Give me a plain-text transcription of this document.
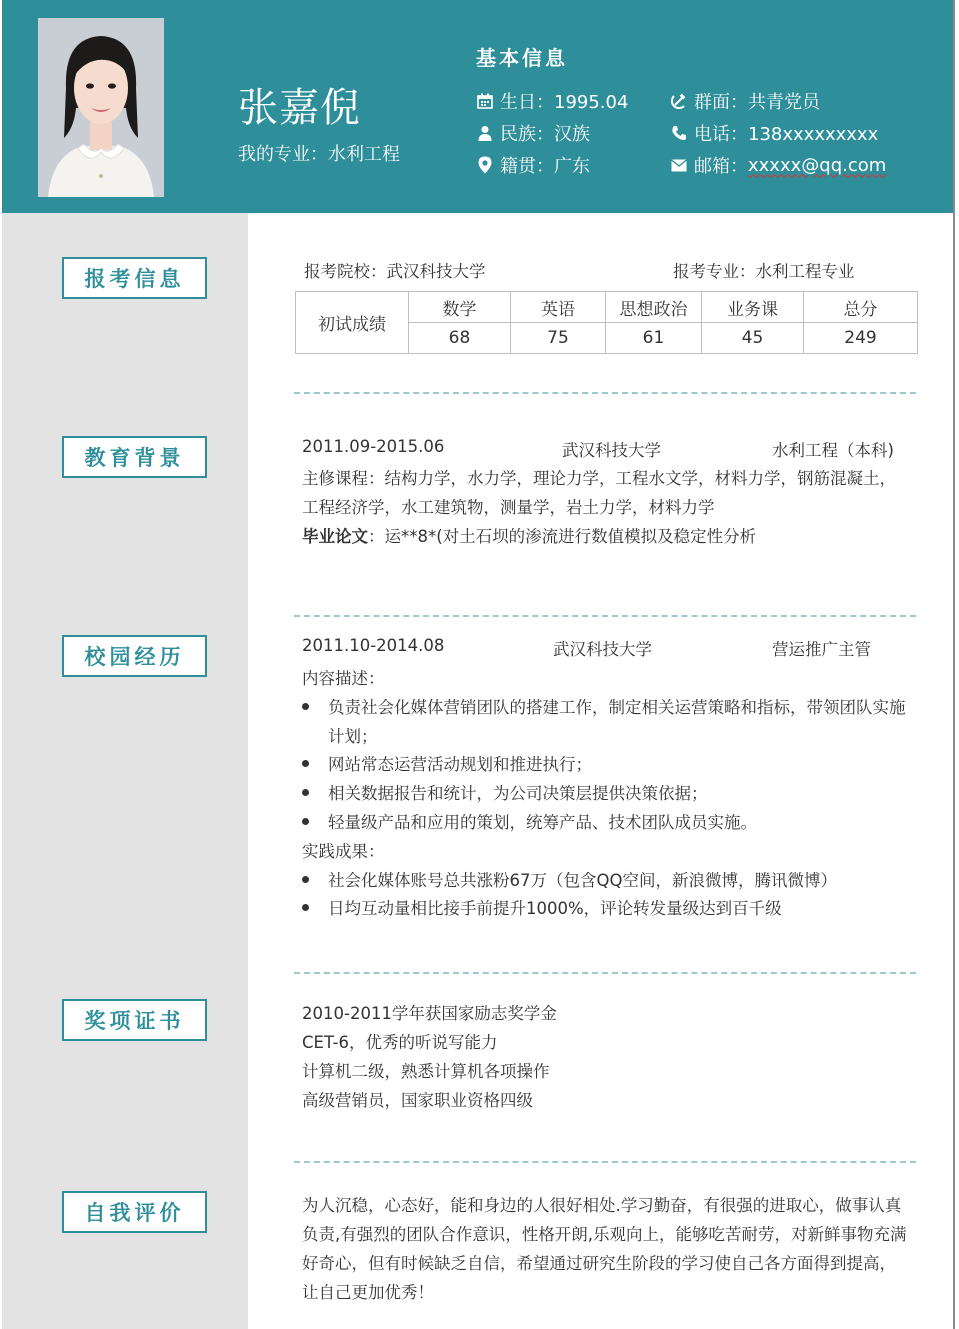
张嘉倪
我的专业：水利工程
基本信息
生日：1995.04
民族：汉族
籍贯：广东
群面：共青党员
电话：138xxxxxxxxx
邮箱： xxxxx@qq.com
报考信息
教育背景
校园经历
奖项证书
自我评价
报考院校：武汉科技大学	报考专业：水利工程专业
初试成绩	数学	英语	思想政治	业务课	总分
	68	75	61	45	249
2011.09-2015.06	武汉科技大学	水利工程（本科)
主修课程：结构力学，水力学，理论力学，工程水文学，材料力学，钢筋混凝土，
工程经济学，水工建筑物，测量学，岩土力学，材料力学
毕业论文：运**8*(对土石坝的渗流进行数值模拟及稳定性分析
2011.10-2014.08	武汉科技大学	营运推广主管
内容描述：
负责社会化媒体营销团队的搭建工作，制定相关运营策略和指标，带领团队实施
计划；
网站常态运营活动规划和推进执行；
相关数据报告和统计，为公司决策层提供决策依据；
轻量级产品和应用的策划，统筹产品、技术团队成员实施。
实践成果：
社会化媒体账号总共涨粉67万（包含QQ空间，新浪微博，腾讯微博）
日均互动量相比接手前提升1000%，评论转发量级达到百千级
2010-2011学年获国家励志奖学金
CET-6，优秀的听说写能力
计算机二级，熟悉计算机各项操作
高级营销员，国家职业资格四级
为人沉稳，心态好，能和身边的人很好相处.学习勤奋，有很强的进取心，做事认真
负责,有强烈的团队合作意识，性格开朗,乐观向上，能够吃苦耐劳，对新鲜事物充满
好奇心，但有时候缺乏自信，希望通过研究生阶段的学习使自己各方面得到提高，
让自己更加优秀！
